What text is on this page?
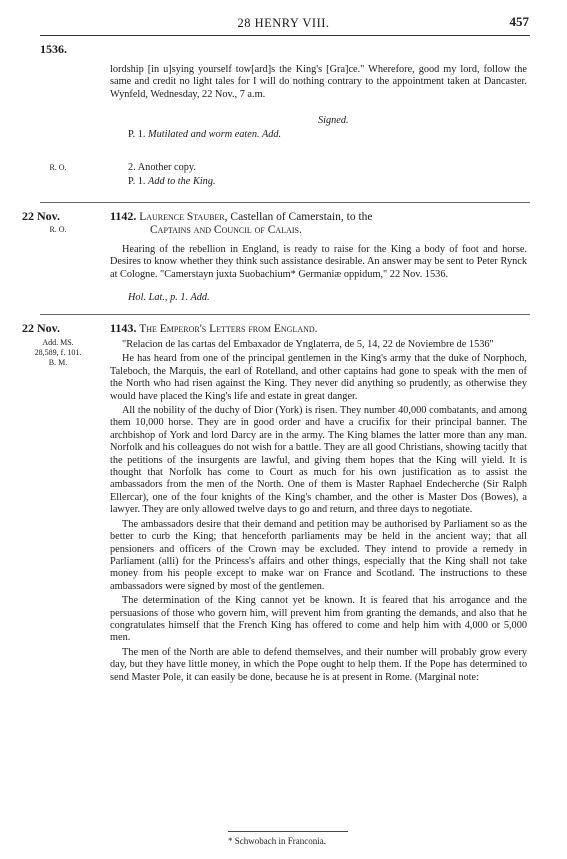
28 HENRY VIII.	457
1536.
lordship [in u]sying yourself tow[ard]s the King's [Gra]ce." Wherefore, good my lord, follow the same and credit no light tales for I will do nothing contrary to the appointment taken at Dancaster. Wynfeld, Wednesday, 22 Nov., 7 a.m.
Signed.
P. 1. Mutilated and worm eaten. Add.
R. O.	2. Another copy.
P. 1. Add to the King.
22 Nov.
R. O.
1142. Laurence Stauber, Castellan of Camerstain, to the
Captains and Council of Calais.
Hearing of the rebellion in England, is ready to raise for the King a body of foot and horse. Desires to know whether they think such assistance desirable. An answer may be sent to Peter Rynck at Cologne. "Camerstayn juxta Suobachium* Germaniæ oppidum," 22 Nov. 1536.
Hol. Lat., p. 1. Add.
22 Nov.	1143. The Emperor's Letters from England.
Add. MS.
28,589, f. 101.
B. M.

"Relacion de las cartas del Embaxador de Ynglaterra, de 5, 14, 22 de Noviembre de 1536"

He has heard from one of the principal gentlemen in the King's army that the duke of Norphoch, Taleboch, the Marquis, the earl of Rotelland, and other captains had gone to speak with the men of the North who had risen against the King. They never did anything so prudently, as otherwise they would have placed the King's life and estate in great danger.

All the nobility of the duchy of Dior (York) is risen. They number 40,000 combatants, and among them 10,000 horse. They are in good order and have a crucifix for their principal banner. The archbishop of York and lord Darcy are in the army. The King blames the latter more than any man. Norfolk and his colleagues do not wish for a battle. They are all good Christians, showing tacitly that the petitions of the insurgents are lawful, and giving them hopes that the King will yield. It is thought that Norfolk has come to Court as much for his own justification as to assist the ambassadors from the men of the North. One of them is Master Raphael Endecherche (Sir Ralph Ellercar), one of the four knights of the King's chamber, and the other is Master Dos (Bowes), a lawyer. They are only allowed twelve days to go and return, and three days to negotiate.

The ambassadors desire that their demand and petition may be authorised by Parliament so as the better to curb the King; that henceforth parliaments may be held in the ancient way; that all pensioners and officers of the Crown may be excluded. They intend to provide a remedy in Parliament (alli) for the Princess's affairs and other things, especially that the King shall not take money from his people except to make war on France and Scotland. The instructions to these ambassadors were signed by most of the gentlemen.

The determination of the King cannot yet be known. It is feared that his arrogance and the persuasions of those who govern him, will prevent him from granting the demands, and also that he congratulates himself that the French King has offered to come and help him with 4,000 or 5,000 men.

The men of the North are able to defend themselves, and their number will probably grow every day, but they have little money, in which the Pope ought to help them. If the Pope has determined to send Master Pole, it can easily be done, because he is at present in Rome. (Marginal note:

* Schwobach in Franconia.
